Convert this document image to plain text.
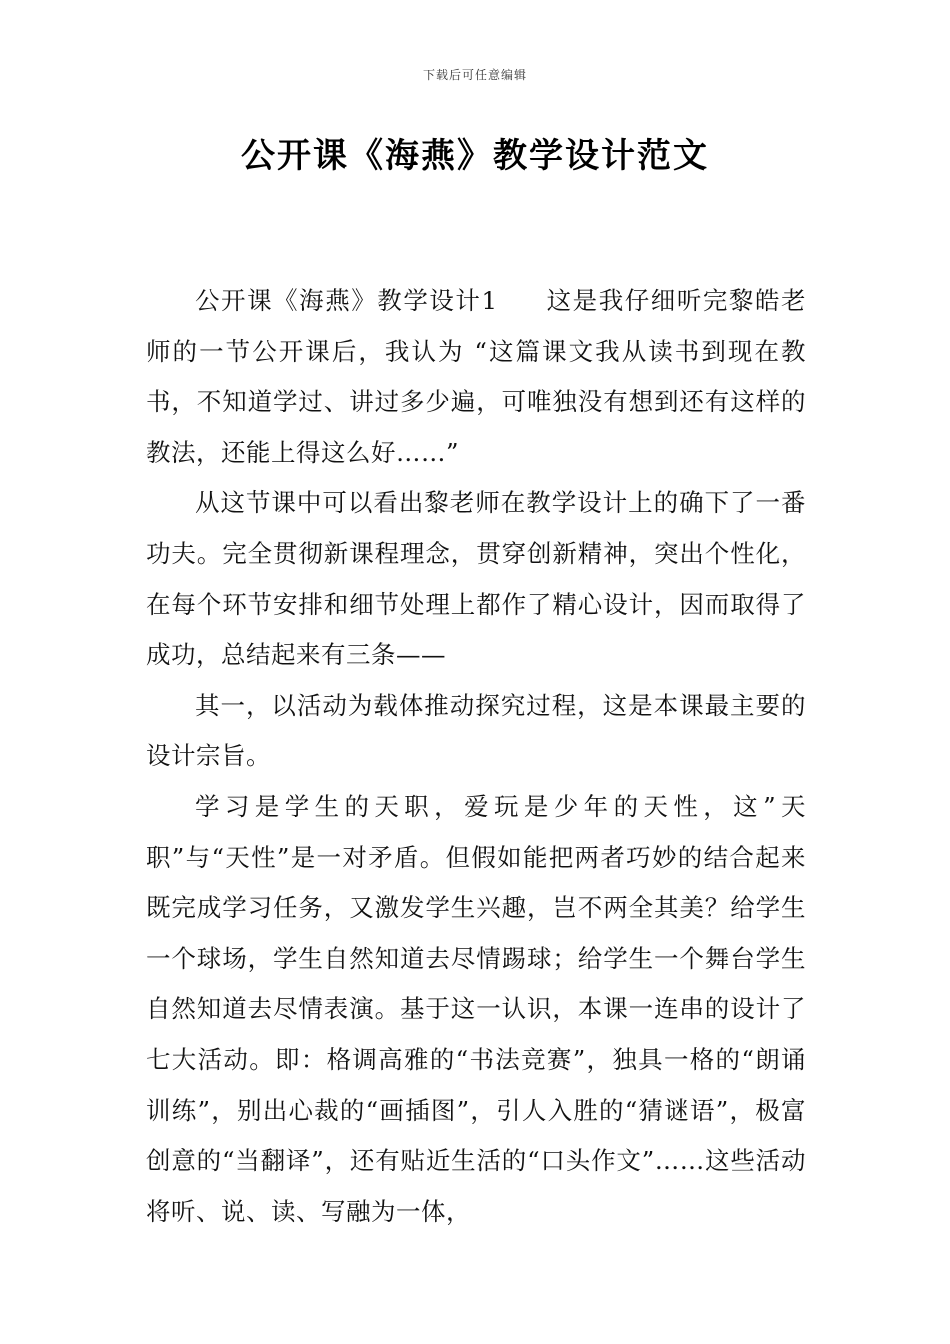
下载后可任意编辑
公开课《海燕》教学设计范文

公开课《海燕》教学设计1 这是我仔细听完黎皓老师的一节公开课后，我认为 “这篇课文我从读书到现在教书，不知道学过、讲过多少遍，可唯独没有想到还有这样的教法，还能上得这么好……”

从这节课中可以看出黎老师在教学设计上的确下了一番功夫。完全贯彻新课程理念，贯穿创新精神，突出个性化，在每个环节安排和细节处理上都作了精心设计，因而取得了成功，总结起来有三条——

其一，以活动为载体推动探究过程，这是本课最主要的设计宗旨。

学习是学生的天职，爱玩是少年的天性，这”天职”与“天性”是一对矛盾。但假如能把两者巧妙的结合起来既完成学习任务，又激发学生兴趣，岂不两全其美？给学生一个球场，学生自然知道去尽情踢球；给学生一个舞台学生自然知道去尽情表演。基于这一认识，本课一连串的设计了七大活动。即：格调高雅的“书法竞赛”，独具一格的“朗诵训练”，别出心裁的“画插图”，引人入胜的“猜谜语”，极富创意的“当翻译”，还有贴近生活的“口头作文”……这些活动将听、说、读、写融为一体，
